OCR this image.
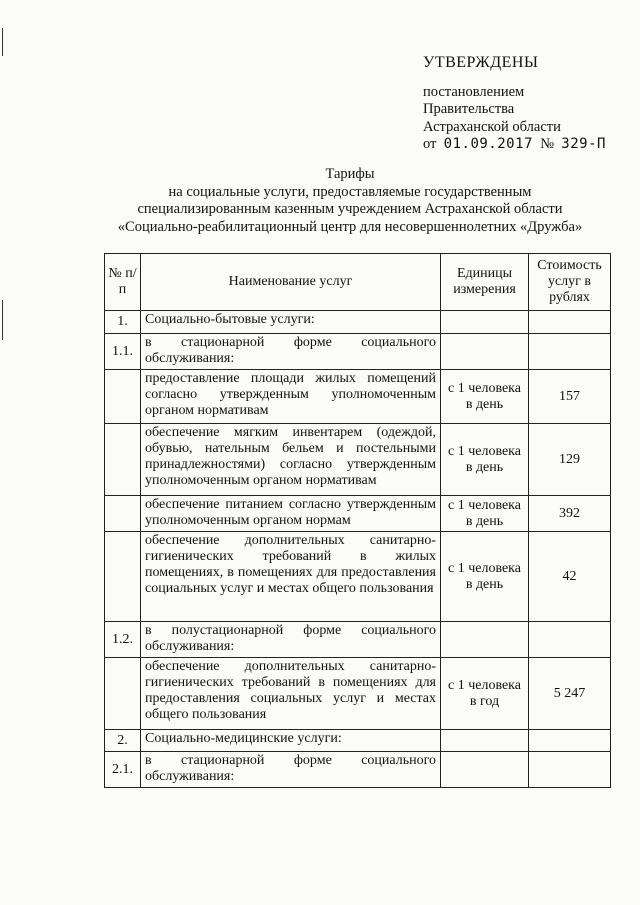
УТВЕРЖДЕНЫ
постановлением
Правительства
Астраханской области
от 01.09.2017 № 329-П
Тарифы
на социальные услуги, предоставляемые государственным
специализированным казенным учреждением Астраханской области
«Социально-реабилитационный центр для несовершеннолетних «Дружба»
№ п/п	Наименование услуг	Единицы измерения	Стоимость услуг в рублях
1.	Социально-бытовые услуги:		
1.1.	в стационарной форме социального обслуживания:		
	предоставление площади жилых помещений согласно утвержденным уполномоченным органом нормативам	с 1 человека в день	157
	обеспечение мягким инвентарем (одеждой, обувью, нательным бельем и постельными принадлежностями) согласно утвержденным уполномоченным органом нормативам	с 1 человека в день	129
	обеспечение питанием согласно утвержденным уполномоченным органом нормам	с 1 человека в день	392
	обеспечение дополнительных санитарно-гигиенических требований в жилых помещениях, в помещениях для предоставления социальных услуг и местах общего пользования	с 1 человека в день	42
1.2.	в полустационарной форме социального обслуживания:		
	обеспечение дополнительных санитарно-гигиенических требований в помещениях для предоставления социальных услуг и местах общего пользования	с 1 человека в год	5 247
2.	Социально-медицинские услуги:		
2.1.	в стационарной форме социального обслуживания:		
